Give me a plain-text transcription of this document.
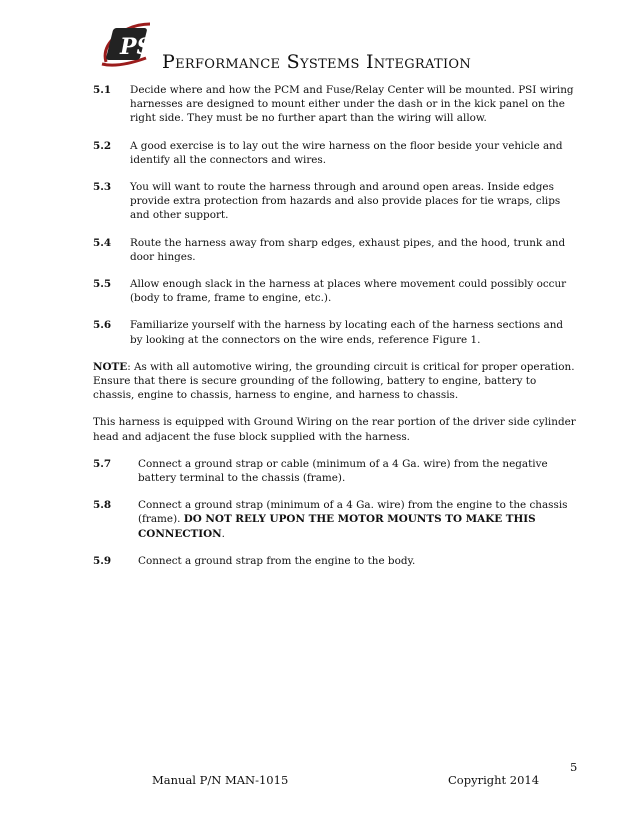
PSi
Performance Systems Integration
5.1	Decide where and how the PCM and Fuse/Relay Center will be mounted. PSI wiring harnesses are designed to mount either under the dash or in the kick panel on the right side. They must be no further apart than the wiring will allow.
5.2	A good exercise is to lay out the wire harness on the floor beside your vehicle and identify all the connectors and wires.
5.3	You will want to route the harness through and around open areas. Inside edges provide extra protection from hazards and also provide places for tie wraps, clips and other support.
5.4	Route the harness away from sharp edges, exhaust pipes, and the hood, trunk and door hinges.
5.5	Allow enough slack in the harness at places where movement could possibly occur (body to frame, frame to engine, etc.).
5.6	Familiarize yourself with the harness by locating each of the harness sections and by looking at the connectors on the wire ends, reference Figure 1.

NOTE: As with all automotive wiring, the grounding circuit is critical for proper operation. Ensure that there is secure grounding of the following, battery to engine, battery to chassis, engine to chassis, harness to engine, and harness to chassis.

This harness is equipped with Ground Wiring on the rear portion of the driver side cylinder head and adjacent the fuse block supplied with the harness.

5.7	Connect a ground strap or cable (minimum of a 4 Ga. wire) from the negative battery terminal to the chassis (frame).
5.8	Connect a ground strap (minimum of a 4 Ga. wire) from the engine to the chassis (frame). DO NOT RELY UPON THE MOTOR MOUNTS TO MAKE THIS CONNECTION.
5.9	Connect a ground strap from the engine to the body.
5
Manual P/N MAN-1015	Copyright 2014
